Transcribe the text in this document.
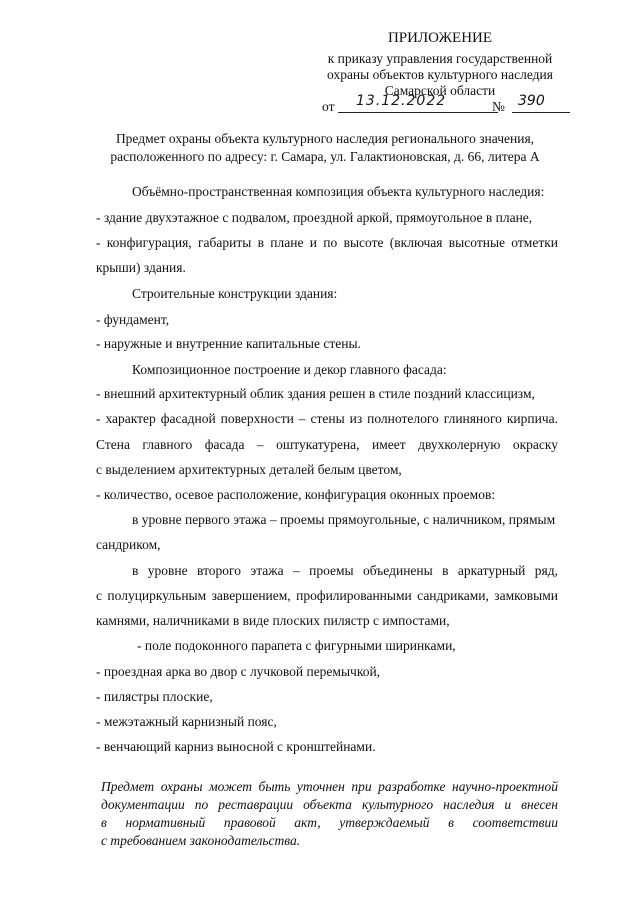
ПРИЛОЖЕНИЕ
к приказу управления государственной
охраны объектов культурного наследия
Самарской области
от 13.12.2022	№ 390
Предмет охраны объекта культурного наследия регионального значения,
расположенного по адресу: г. Самара, ул. Галактионовская, д. 66, литера А
Объёмно-пространственная композиция объекта культурного наследия:
- здание двухэтажное с подвалом, проездной аркой, прямоугольное в плане,
- конфигурация, габариты в плане и по высоте (включая высотные отметки
крыши) здания.
Строительные конструкции здания:
- фундамент,
- наружные и внутренние капитальные стены.
Композиционное построение и декор главного фасада:
- внешний архитектурный облик здания решен в стиле поздний классицизм,
- характер фасадной поверхности – стены из полнотелого глиняного кирпича.
Стена главного фасада – оштукатурена, имеет двухколерную окраску
с выделением архитектурных деталей белым цветом,
- количество, осевое расположение, конфигурация оконных проемов:
в уровне первого этажа – проемы прямоугольные, с наличником, прямым
сандриком,
в уровне второго этажа – проемы объединены в аркатурный ряд,
с полуциркульным завершением, профилированными сандриками, замковыми
камнями, наличниками в виде плоских пилястр с импостами,
- поле подоконного парапета с фигурными ширинками,
- проездная арка во двор с лучковой перемычкой,
- пилястры плоские,
- межэтажный карнизный пояс,
- венчающий карниз выносной с кронштейнами.
Предмет охраны может быть уточнен при разработке научно-проектной
документации по реставрации объекта культурного наследия и внесен
в нормативный правовой акт, утверждаемый в соответствии
с требованием законодательства.
